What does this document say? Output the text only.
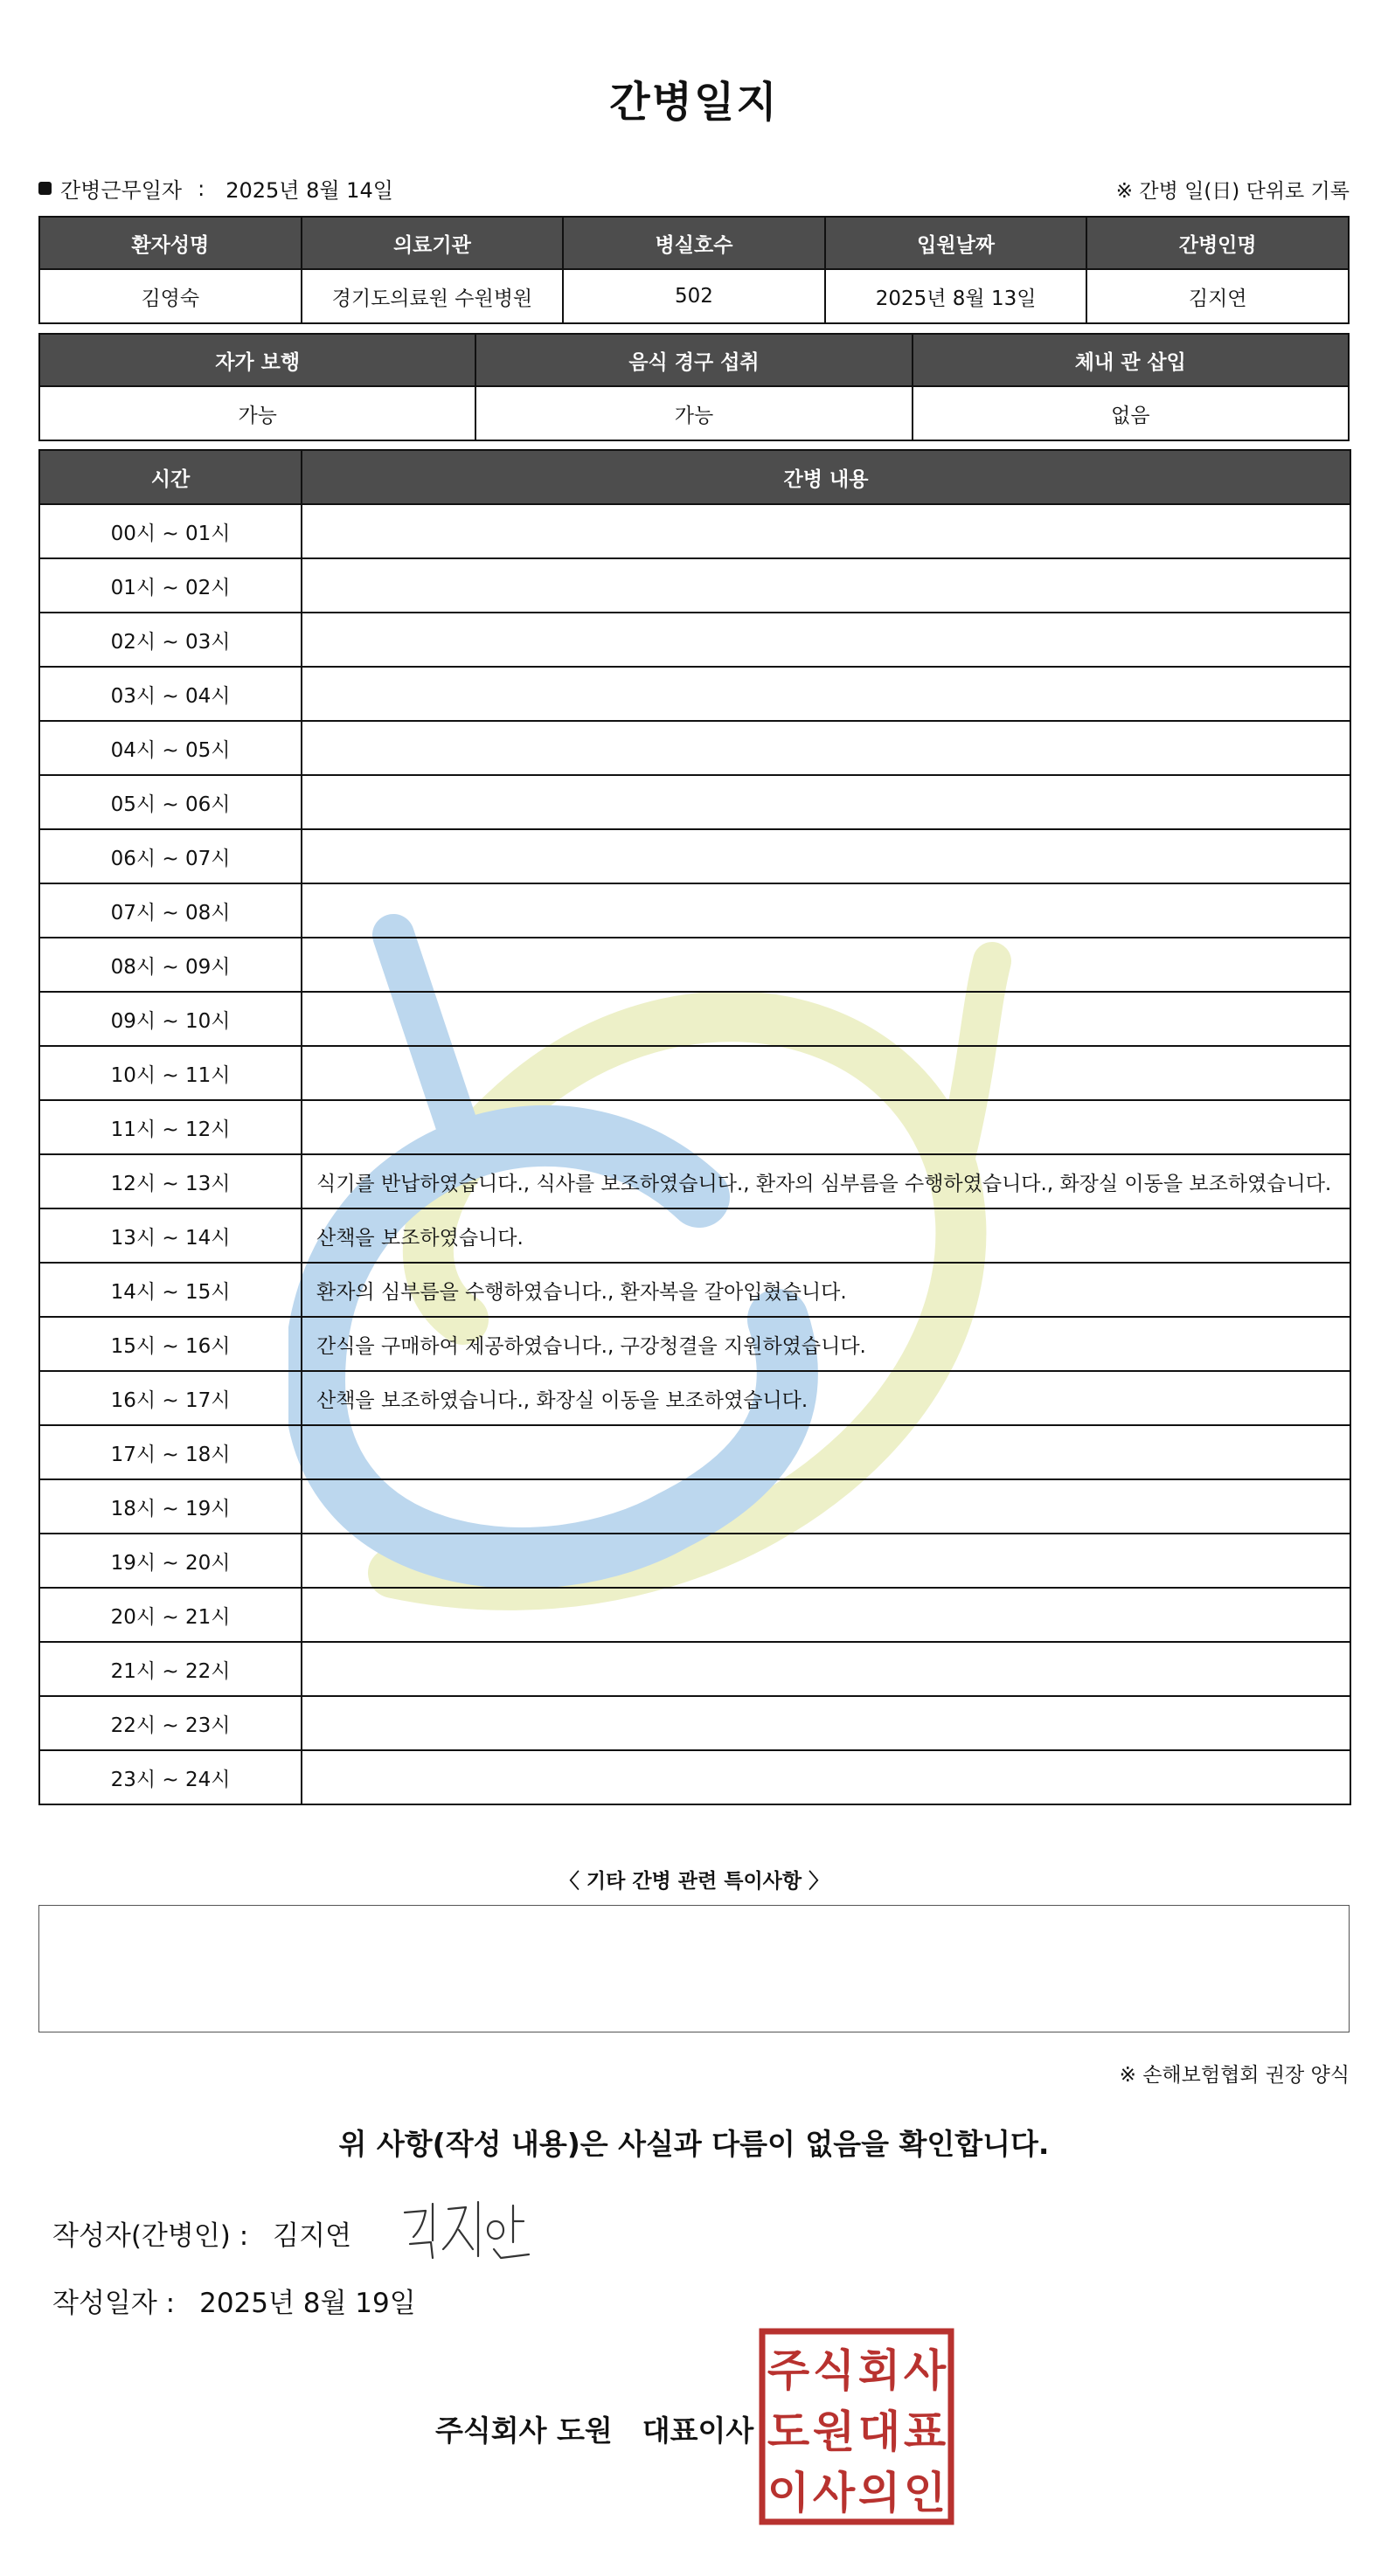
간병일지
간병근무일자 : 2025년 8월 14일	※ 간병 일(日) 단위로 기록
환자성명	의료기관	병실호수	입원날짜	간병인명
김영숙	경기도의료원 수원병원	502	2025년 8월 13일	김지연
자가 보행	음식 경구 섭취	체내 관 삽입
가능	가능	없음
시간	간병 내용
00시 ~ 01시	
01시 ~ 02시	
02시 ~ 03시	
03시 ~ 04시	
04시 ~ 05시	
05시 ~ 06시	
06시 ~ 07시	
07시 ~ 08시	
08시 ~ 09시	
09시 ~ 10시	
10시 ~ 11시	
11시 ~ 12시	
12시 ~ 13시	식기를 반납하였습니다., 식사를 보조하였습니다., 환자의 심부름을 수행하였습니다., 화장실 이동을 보조하였습니다.
13시 ~ 14시	산책을 보조하였습니다.
14시 ~ 15시	환자의 심부름을 수행하였습니다., 환자복을 갈아입혔습니다.
15시 ~ 16시	간식을 구매하여 제공하였습니다., 구강청결을 지원하였습니다.
16시 ~ 17시	산책을 보조하였습니다., 화장실 이동을 보조하였습니다.
17시 ~ 18시	
18시 ~ 19시	
19시 ~ 20시	
20시 ~ 21시	
21시 ~ 22시	
22시 ~ 23시	
23시 ~ 24시	
〈 기타 간병 관련 특이사항 〉
※ 손해보험협회 권장 양식
위 사항(작성 내용)은 사실과 다름이 없음을 확인합니다.
작성자(간병인) : 김지연
작성일자 : 2025년 8월 19일
주식회사 도원 대표이사
주 식 회 사
도 원 대 표
이 사 의 인
